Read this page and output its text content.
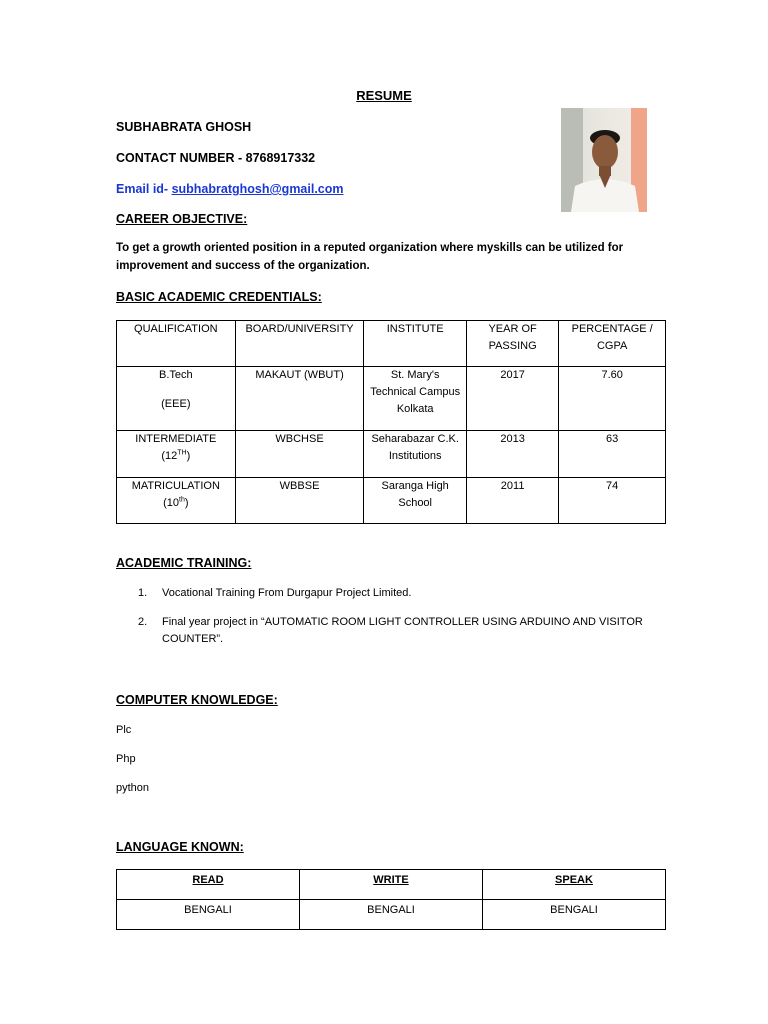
RESUME
SUBHABRATA GHOSH
CONTACT NUMBER - 8768917332
Email id- subhabratghosh@gmail.com
CAREER OBJECTIVE:
To get a growth oriented position in a reputed organization where myskills can be utilized for improvement and success of the organization.
BASIC ACADEMIC CREDENTIALS:
QUALIFICATION	BOARD/UNIVERSITY	INSTITUTE	YEAR OF PASSING	PERCENTAGE / CGPA

B.Tech
(EEE)	MAKAUT (WBUT)	St. Mary's Technical Campus Kolkata	2017	7.60

INTERMEDIATE
(12TH)	WBCHSE	Seharabazar C.K. Institutions	2013	63

MATRICULATION
(10th)	WBBSE	Saranga High School	2011	74
ACADEMIC TRAINING:
1. Vocational Training From Durgapur Project Limited.
2. Final year project in “AUTOMATIC ROOM LIGHT CONTROLLER USING ARDUINO AND VISITOR COUNTER”.
COMPUTER KNOWLEDGE:
Plc
Php
python
LANGUAGE KNOWN:
READ	WRITE	SPEAK
BENGALI	BENGALI	BENGALI
